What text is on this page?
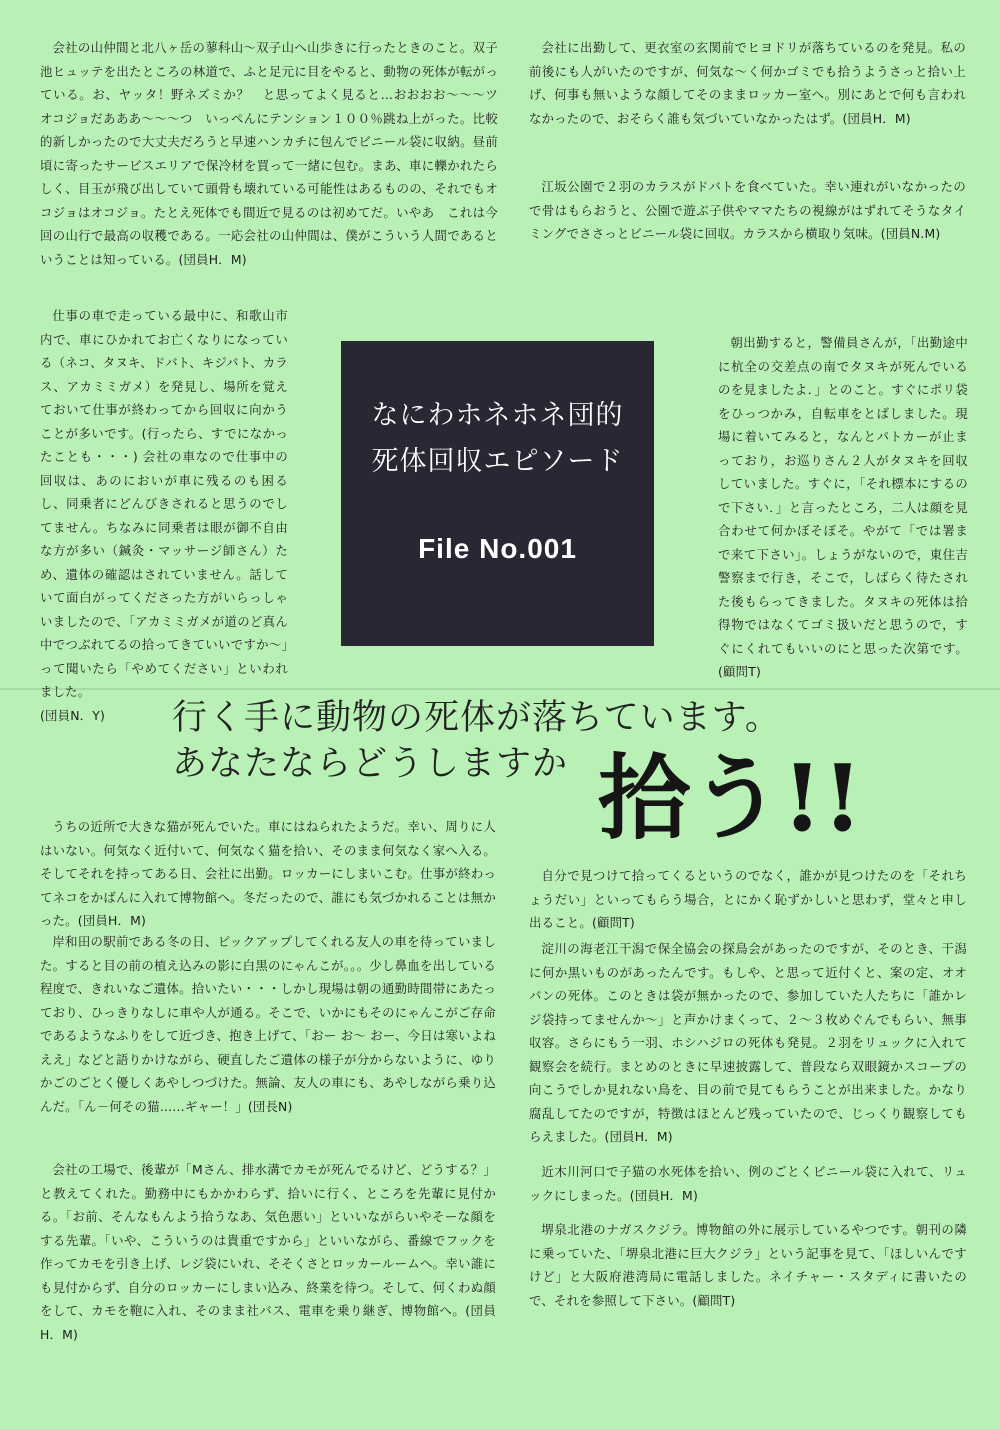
会社の山仲間と北八ヶ岳の蓼科山～双子山へ山歩きに行ったときのこと。双子池ヒュッテを出たところの林道で、ふと足元に目をやると、動物の死体が転がっている。お、ヤッタ！野ネズミか？　と思ってよく見ると…おおおお～～～ツ　オコジョだあああ～～～つ　いっぺんにテンション１００％跳ね上がった。比較的新しかったので大丈夫だろうと早速ハンカチに包んでビニール袋に収納。昼前頃に寄ったサービスエリアで保冷材を買って一緒に包む。まあ、車に轢かれたらしく、目玉が飛び出していて頭骨も壊れている可能性はあるものの、それでもオコジョはオコジョ。たとえ死体でも間近で見るのは初めてだ。いやあ　これは今回の山行で最高の収穫である。一応会社の山仲間は、僕がこういう人間であるということは知っている。(団員H．M)

仕事の車で走っている最中に、和歌山市内で、車にひかれてお亡くなりになっている（ネコ、タヌキ、ドバト、キジバト、カラス、アカミミガメ）を発見し、場所を覚えておいて仕事が終わってから回収に向かうことが多いです。(行ったら、すでになかったことも・・・) 会社の車なので仕事中の回収は、あのにおいが車に残るのも困るし、同乗者にどんびきされると思うのでしてません。ちなみに同乗者は眼が御不自由な方が多い（鍼灸・マッサージ師さん）ため、遺体の確認はされていません。話していて面白がってくださった方がいらっしゃいましたので、「アカミミガメが道のど真ん中でつぶれてるの拾ってきていいですか～」って聞いたら「やめてください」といわれました。
(団員N．Y)

会社に出勤して、更衣室の玄関前でヒヨドリが落ちているのを発見。私の前後にも人がいたのですが、何気な～く何かゴミでも拾うようさっと拾い上げ、何事も無いような顔してそのままロッカー室へ。別にあとで何も言われなかったので、おそらく誰も気づいていなかったはず。(団員H．M)

江坂公園で２羽のカラスがドバトを食べていた。幸い連れがいなかったので骨はもらおうと、公園で遊ぶ子供やママたちの視線がはずれてそうなタイミングでささっとビニール袋に回収。カラスから横取り気味。(団員N.M)

朝出勤すると，警備員さんが，「出勤途中に杭全の交差点の南でタヌキが死んでいるのを見ましたよ．」とのこと。すぐにポリ袋をひっつかみ，自転車をとばしました。現場に着いてみると，なんとパトカーが止まっており，お巡りさん２人がタヌキを回収していました。すぐに，「それ標本にするので下さい．」と言ったところ，二人は顔を見合わせて何かぼそぼそ。やがて「では署まで来て下さい」。しょうがないので，東住吉警察まで行き，そこで，しばらく待たされた後もらってきました。タヌキの死体は拾得物ではなくてゴミ扱いだと思うので，すぐにくれてもいいのにと思った次第です。(顧問T)

なにわホネホネ団的
死体回収エピソード
File No.001
行く手に動物の死体が落ちています。
あなたならどうしますか 拾う!!

うちの近所で大きな猫が死んでいた。車にはねられたようだ。幸い、周りに人はいない。何気なく近付いて、何気なく猫を拾い、そのまま何気なく家へ入る。そしてそれを持ってある日、会社に出勤。ロッカーにしまいこむ。仕事が終わってネコをかばんに入れて博物館へ。冬だったので、誰にも気づかれることは無かった。(団員H．M)

岸和田の駅前である冬の日、ピックアップしてくれる友人の車を待っていました。すると目の前の植え込みの影に白黒のにゃんこが。。。少し鼻血を出している程度で、きれいなご遺体。拾いたい・・・しかし現場は朝の通勤時間帯にあたっており、ひっきりなしに車や人が通る。そこで、いかにもそのにゃんこがご存命であるようなふりをして近づき、抱き上げて、「おー お～ おー、今日は寒いよねええ」などと語りかけながら、硬直したご遺体の様子が分からないように、ゆりかごのごとく優しくあやしつづけた。無論、友人の車にも、あやしながら乗り込んだ。「ん－何その猫……ギャー！」(団長N)

会社の工場で、後輩が「Mさん、排水溝でカモが死んでるけど、どうする？」と教えてくれた。勤務中にもかかわらず、拾いに行く、ところを先輩に見付かる。「お前、そんなもんよう拾うなあ、気色悪い」といいながらいやそーな顔をする先輩。「いや、こういうのは貴重ですから」といいながら、番線でフックを作ってカモを引き上げ、レジ袋にいれ、そそくさとロッカールームへ。幸い誰にも見付からず、自分のロッカーにしまい込み、終業を待つ。そして、何くわぬ顔をして、カモを鞄に入れ、そのまま社バス、電車を乗り継ぎ、博物館へ。(団員H．M)

自分で見つけて拾ってくるというのでなく，誰かが見つけたのを「それちょうだい」といってもらう場合，とにかく恥ずかしいと思わず，堂々と申し出ること。(顧問T)

淀川の海老江干潟で保全協会の探鳥会があったのですが、そのとき、干潟に何か黒いものがあったんです。もしや、と思って近付くと、案の定、オオバンの死体。このときは袋が無かったので、参加していた人たちに「誰かレジ袋持ってませんか～」と声かけまくって、２～３枚めぐんでもらい、無事収容。さらにもう一羽、ホシハジロの死体も発見。２羽をリュックに入れて観察会を続行。まとめのときに早速披露して、普段なら双眼鏡かスコープの向こうでしか見れない鳥を、目の前で見てもらうことが出来ました。かなり腐乱してたのですが，特徴はほとんど残っていたので、じっくり観察してもらえました。(団員H．M)

近木川河口で子猫の水死体を拾い、例のごとくビニール袋に入れて、リュックにしまった。(団員H．M)

堺泉北港のナガスクジラ。博物館の外に展示しているやつです。朝刊の隣に乗っていた、「堺泉北港に巨大クジラ」という記事を見て、「ほしいんですけど」と大阪府港湾局に電話しました。ネイチャー・スタディに書いたので、それを参照して下さい。(顧問T)
